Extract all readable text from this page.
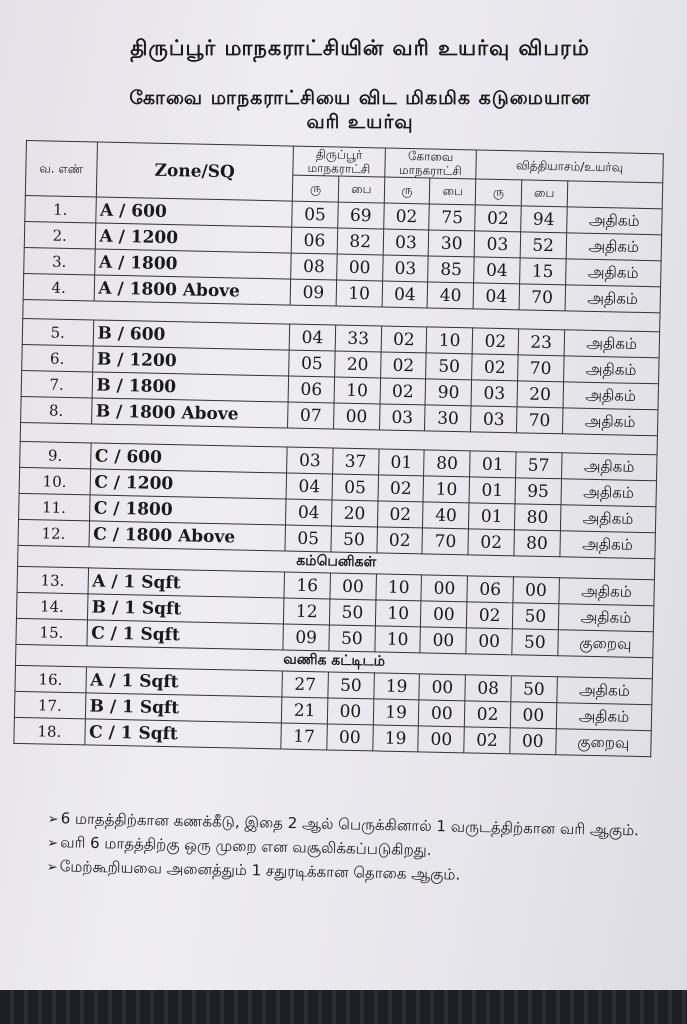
திருப்பூர் மாநகராட்சியின் வரி உயர்வு விபரம்
கோவை மாநகராட்சியை விட மிகமிக கடுமையான
வரி உயர்வு
வ. எண்	Zone/SQ	திருப்பூர் மாநகராட்சி		கோவை மாநகராட்சி		வித்தியாசம்/உயர்வு		
		ரு	பை	ரு	பை	ரு	பை	
1.	A / 600	05	69	02	75	02	94	அதிகம்
2.	A / 1200	06	82	03	30	03	52	அதிகம்
3.	A / 1800	08	00	03	85	04	15	அதிகம்
4.	A / 1800 Above	09	10	04	40	04	70	அதிகம்

5.	B / 600	04	33	02	10	02	23	அதிகம்
6.	B / 1200	05	20	02	50	02	70	அதிகம்
7.	B / 1800	06	10	02	90	03	20	அதிகம்
8.	B / 1800 Above	07	00	03	30	03	70	அதிகம்

9.	C / 600	03	37	01	80	01	57	அதிகம்
10.	C / 1200	04	05	02	10	01	95	அதிகம்
11.	C / 1800	04	20	02	40	01	80	அதிகம்
12.	C / 1800 Above	05	50	02	70	02	80	அதிகம்
கம்பெனிகள்								
13.	A / 1 Sqft	16	00	10	00	06	00	அதிகம்
14.	B / 1 Sqft	12	50	10	00	02	50	அதிகம்
15.	C / 1 Sqft	09	50	10	00	00	50	குறைவு
வணிக கட்டிடம்								
16.	A / 1 Sqft	27	50	19	00	08	50	அதிகம்
17.	B / 1 Sqft	21	00	19	00	02	00	அதிகம்
18.	C / 1 Sqft	17	00	19	00	02	00	குறைவு
➢ 6 மாதத்திற்கான கணக்கீடு, இதை 2 ஆல் பெருக்கினால் 1 வருடத்திற்கான வரி ஆகும்.
➢ வரி 6 மாதத்திற்கு ஒரு முறை என வசூலிக்கப்படுகிறது.
➢ மேற்கூறியவை அனைத்தும் 1 சதுரடிக்கான தொகை ஆகும்.
